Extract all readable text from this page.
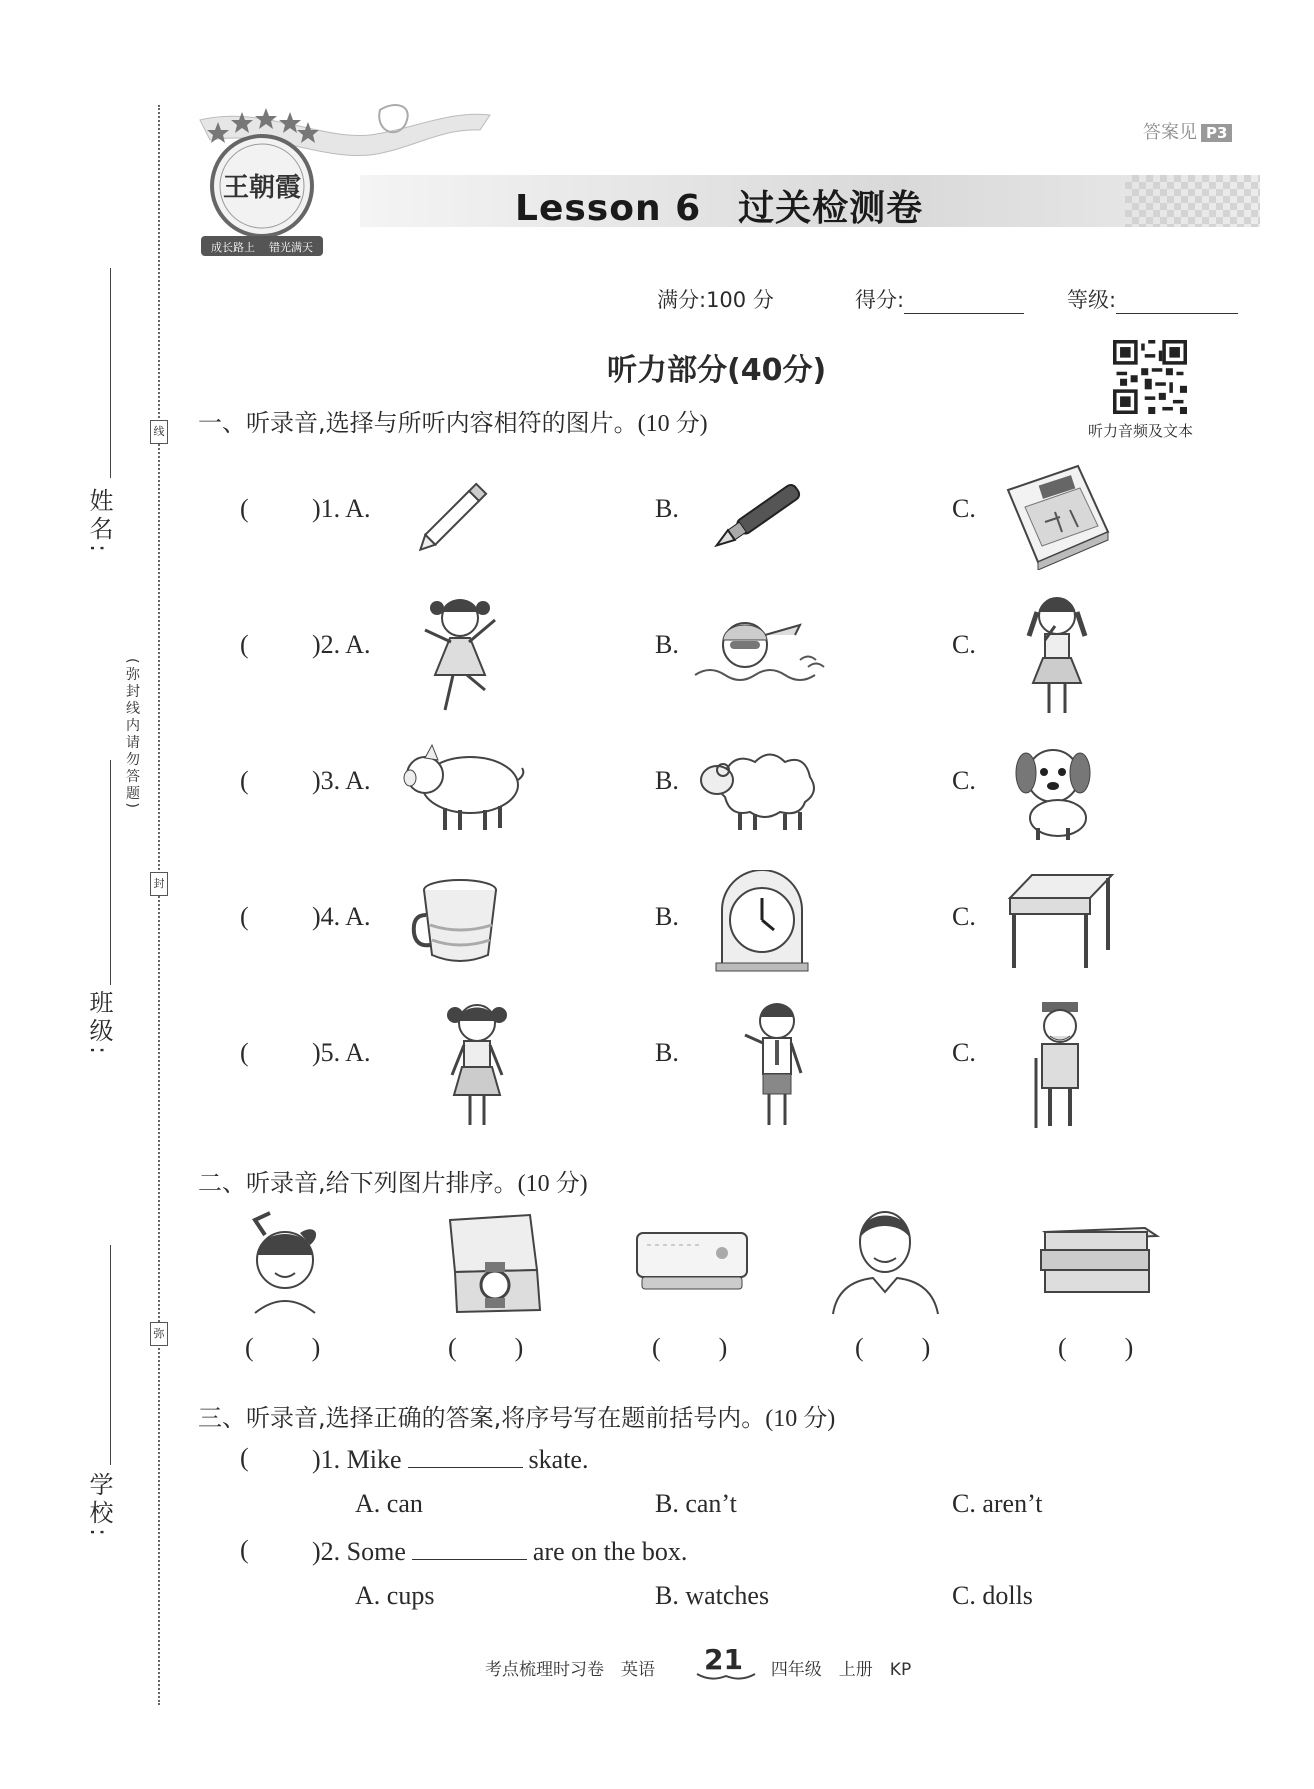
线
封
弥
姓名:
(弥封线内请勿答题)
班级:
学校:
王朝霞
成长路上 错光满天
Lesson 6　过关检测卷
答案见 P3
满分:100 分	得分:	等级:
听力部分(40分)
听力音频及文本
一、听录音,选择与所听内容相符的图片。(10 分)
( )1. A.	B.	C.
( )2. A.	B.	C.
( )3. A.	B.	C.
( )4. A.	B.	C.
( )5. A.	B.	C.
二、听录音,给下列图片排序。(10 分)
( )	( )	( )	( )	( )
三、听录音,选择正确的答案,将序号写在题前括号内。(10 分)
( )1. Mike	skate.
A. can	B. can’t	C. aren’t
( )2. Some	are on the box.
A. cups	B. watches	C. dolls
考点梳理时习卷　英语	四年级　上册　KP
21
